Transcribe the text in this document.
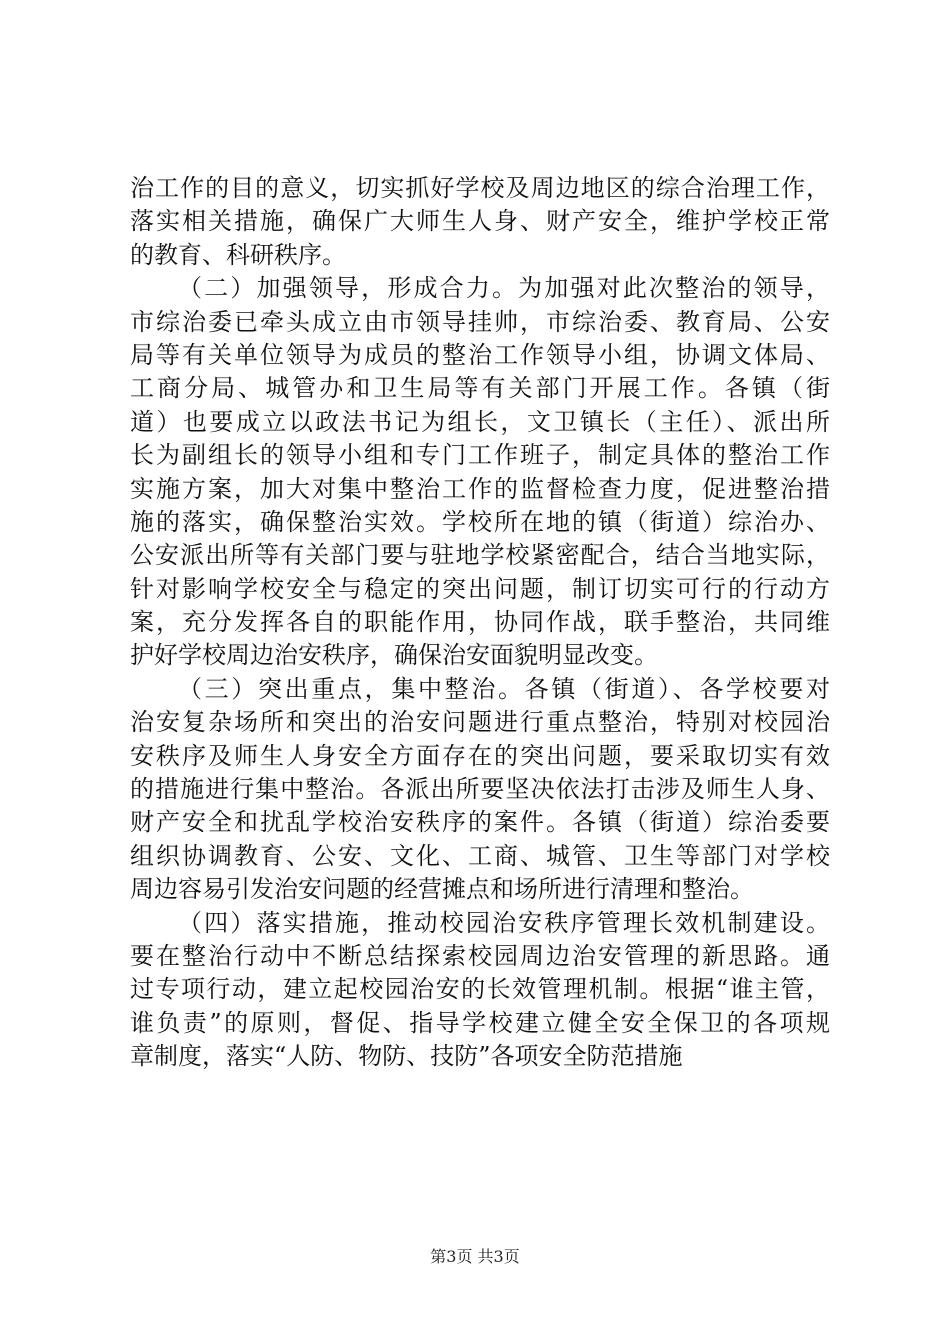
治工作的目的意义，切实抓好学校及周边地区的综合治理工作，
落实相关措施，确保广大师生人身、财产安全，维护学校正常
的教育、科研秩序。
（二）加强领导，形成合力。为加强对此次整治的领导，
市综治委已牵头成立由市领导挂帅，市综治委、教育局、公安
局等有关单位领导为成员的整治工作领导小组，协调文体局、
工商分局、城管办和卫生局等有关部门开展工作。各镇（街
道）也要成立以政法书记为组长，文卫镇长（主任）、派出所
长为副组长的领导小组和专门工作班子，制定具体的整治工作
实施方案，加大对集中整治工作的监督检查力度，促进整治措
施的落实，确保整治实效。学校所在地的镇（街道）综治办、
公安派出所等有关部门要与驻地学校紧密配合，结合当地实际，
针对影响学校安全与稳定的突出问题，制订切实可行的行动方
案，充分发挥各自的职能作用，协同作战，联手整治，共同维
护好学校周边治安秩序，确保治安面貌明显改变。
（三）突出重点，集中整治。各镇（街道）、各学校要对
治安复杂场所和突出的治安问题进行重点整治，特别对校园治
安秩序及师生人身安全方面存在的突出问题，要采取切实有效
的措施进行集中整治。各派出所要坚决依法打击涉及师生人身、
财产安全和扰乱学校治安秩序的案件。各镇（街道）综治委要
组织协调教育、公安、文化、工商、城管、卫生等部门对学校
周边容易引发治安问题的经营摊点和场所进行清理和整治。
（四）落实措施，推动校园治安秩序管理长效机制建设。
要在整治行动中不断总结探索校园周边治安管理的新思路。通
过专项行动，建立起校园治安的长效管理机制。根据“谁主管，
谁负责”的原则，督促、指导学校建立健全安全保卫的各项规
章制度，落实“人防、物防、技防”各项安全防范措施
第3页 共3页
